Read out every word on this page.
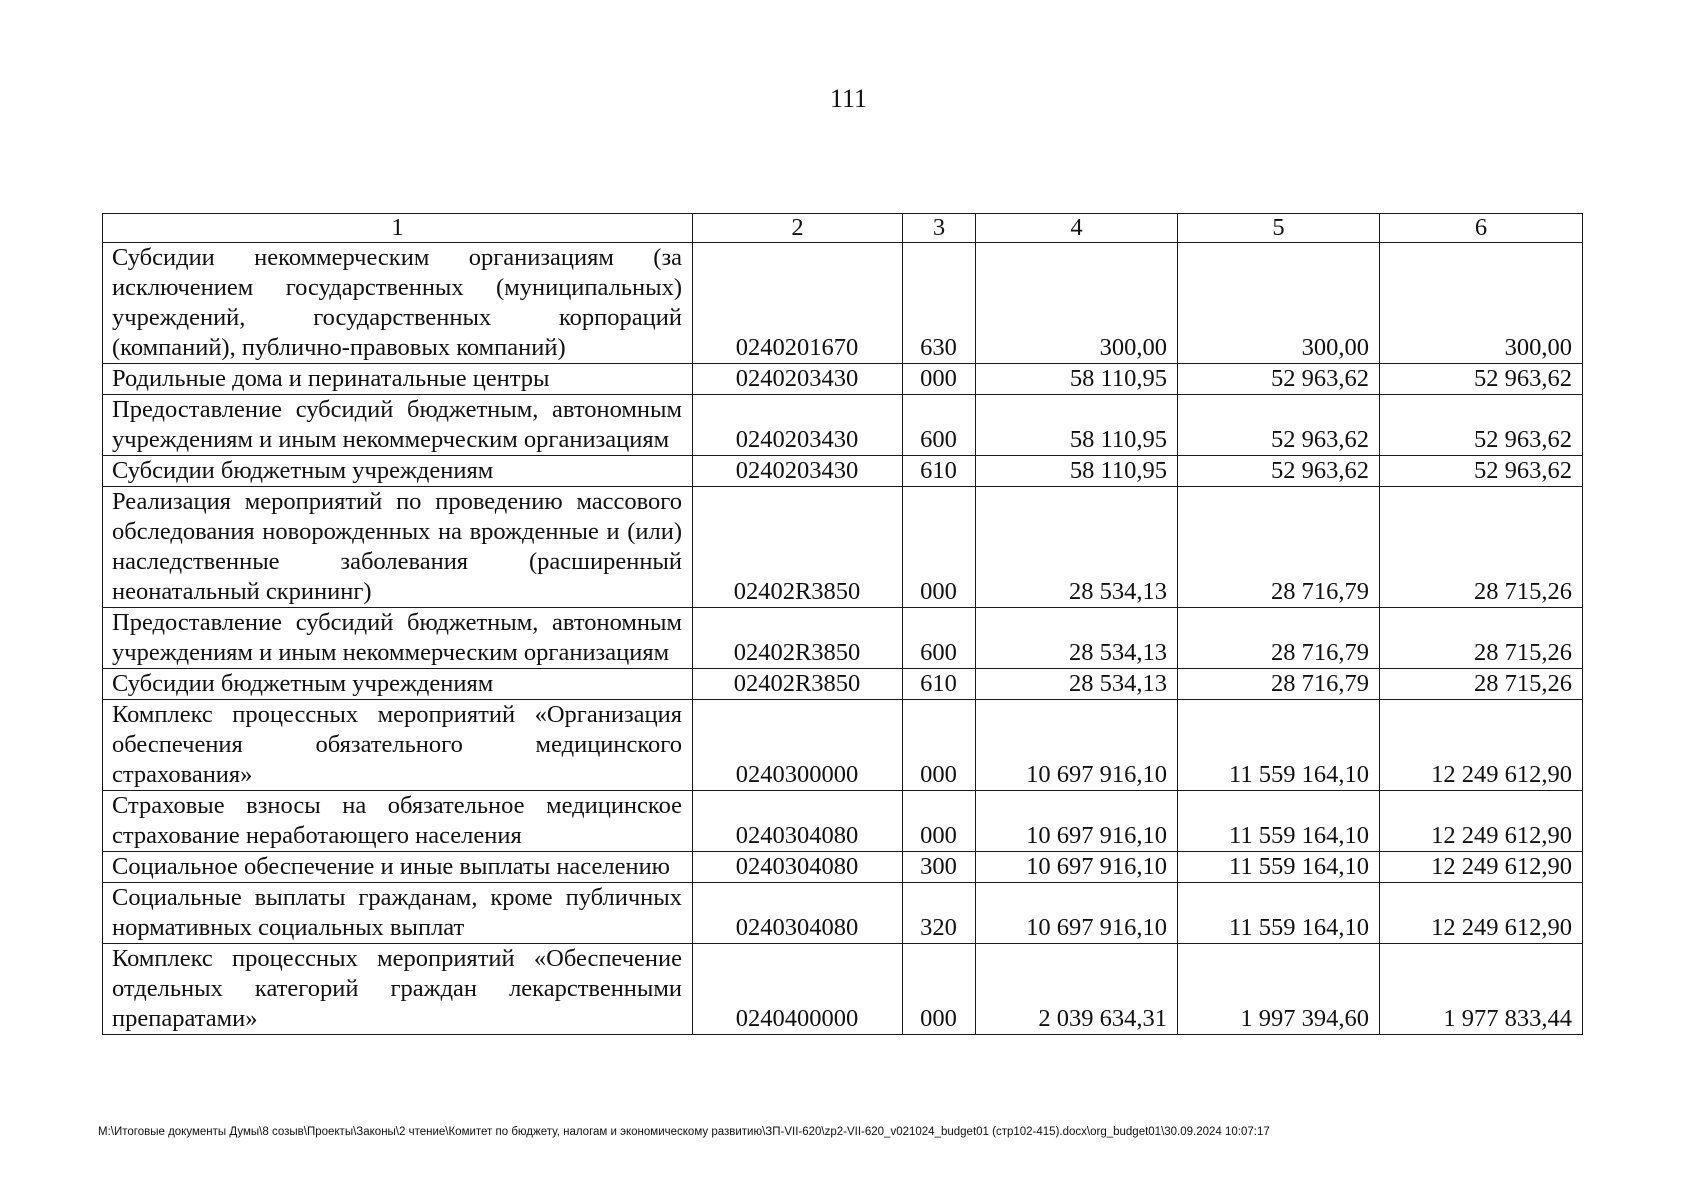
111
1	2	3	4	5	6
Субсидии некоммерческим организациям (за исключением государственных (муниципальных) учреждений, государственных корпораций (компаний), публично-правовых компаний)	0240201670	630	300,00	300,00	300,00
Родильные дома и перинатальные центры	0240203430	000	58 110,95	52 963,62	52 963,62
Предоставление субсидий бюджетным, автономным учреждениям и иным некоммерческим организациям	0240203430	600	58 110,95	52 963,62	52 963,62
Субсидии бюджетным учреждениям	0240203430	610	58 110,95	52 963,62	52 963,62
Реализация мероприятий по проведению массового обследования новорожденных на врожденные и (или) наследственные заболевания (расширенный неонатальный скрининг)	02402R3850	000	28 534,13	28 716,79	28 715,26
Предоставление субсидий бюджетным, автономным учреждениям и иным некоммерческим организациям	02402R3850	600	28 534,13	28 716,79	28 715,26
Субсидии бюджетным учреждениям	02402R3850	610	28 534,13	28 716,79	28 715,26
Комплекс процессных мероприятий «Организация обеспечения обязательного медицинского страхования»	0240300000	000	10 697 916,10	11 559 164,10	12 249 612,90
Страховые взносы на обязательное медицинское страхование неработающего населения	0240304080	000	10 697 916,10	11 559 164,10	12 249 612,90
Социальное обеспечение и иные выплаты населению	0240304080	300	10 697 916,10	11 559 164,10	12 249 612,90
Социальные выплаты гражданам, кроме публичных нормативных социальных выплат	0240304080	320	10 697 916,10	11 559 164,10	12 249 612,90
Комплекс процессных мероприятий «Обеспечение отдельных категорий граждан лекарственными препаратами»	0240400000	000	2 039 634,31	1 997 394,60	1 977 833,44
M:\Итоговые документы Думы\8 созыв\Проекты\Законы\2 чтение\Комитет по бюджету, налогам и экономическому развитию\ЗП-VII-620\zp2-VII-620_v021024_budget01 (стр102-415).docx\org_budget01\30.09.2024 10:07:17
